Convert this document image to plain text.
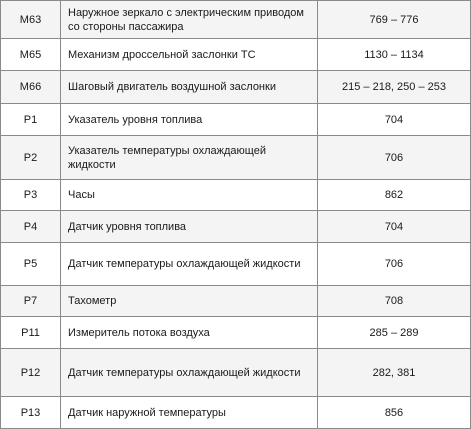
M63	Наружное зеркало с электрическим приводом со стороны пассажира	769 – 776
M65	Механизм дроссельной заслонки ТС	1130 – 1134
M66	Шаговый двигатель воздушной заслонки	215 – 218, 250 – 253
P1	Указатель уровня топлива	704
P2	Указатель температуры охлаждающей жидкости	706
P3	Часы	862
P4	Датчик уровня топлива	704
P5	Датчик температуры охлаждающей жидкости	706
P7	Тахометр	708
P11	Измеритель потока воздуха	285 – 289
P12	Датчик температуры охлаждающей жидкости	282, 381
P13	Датчик наружной температуры	856
